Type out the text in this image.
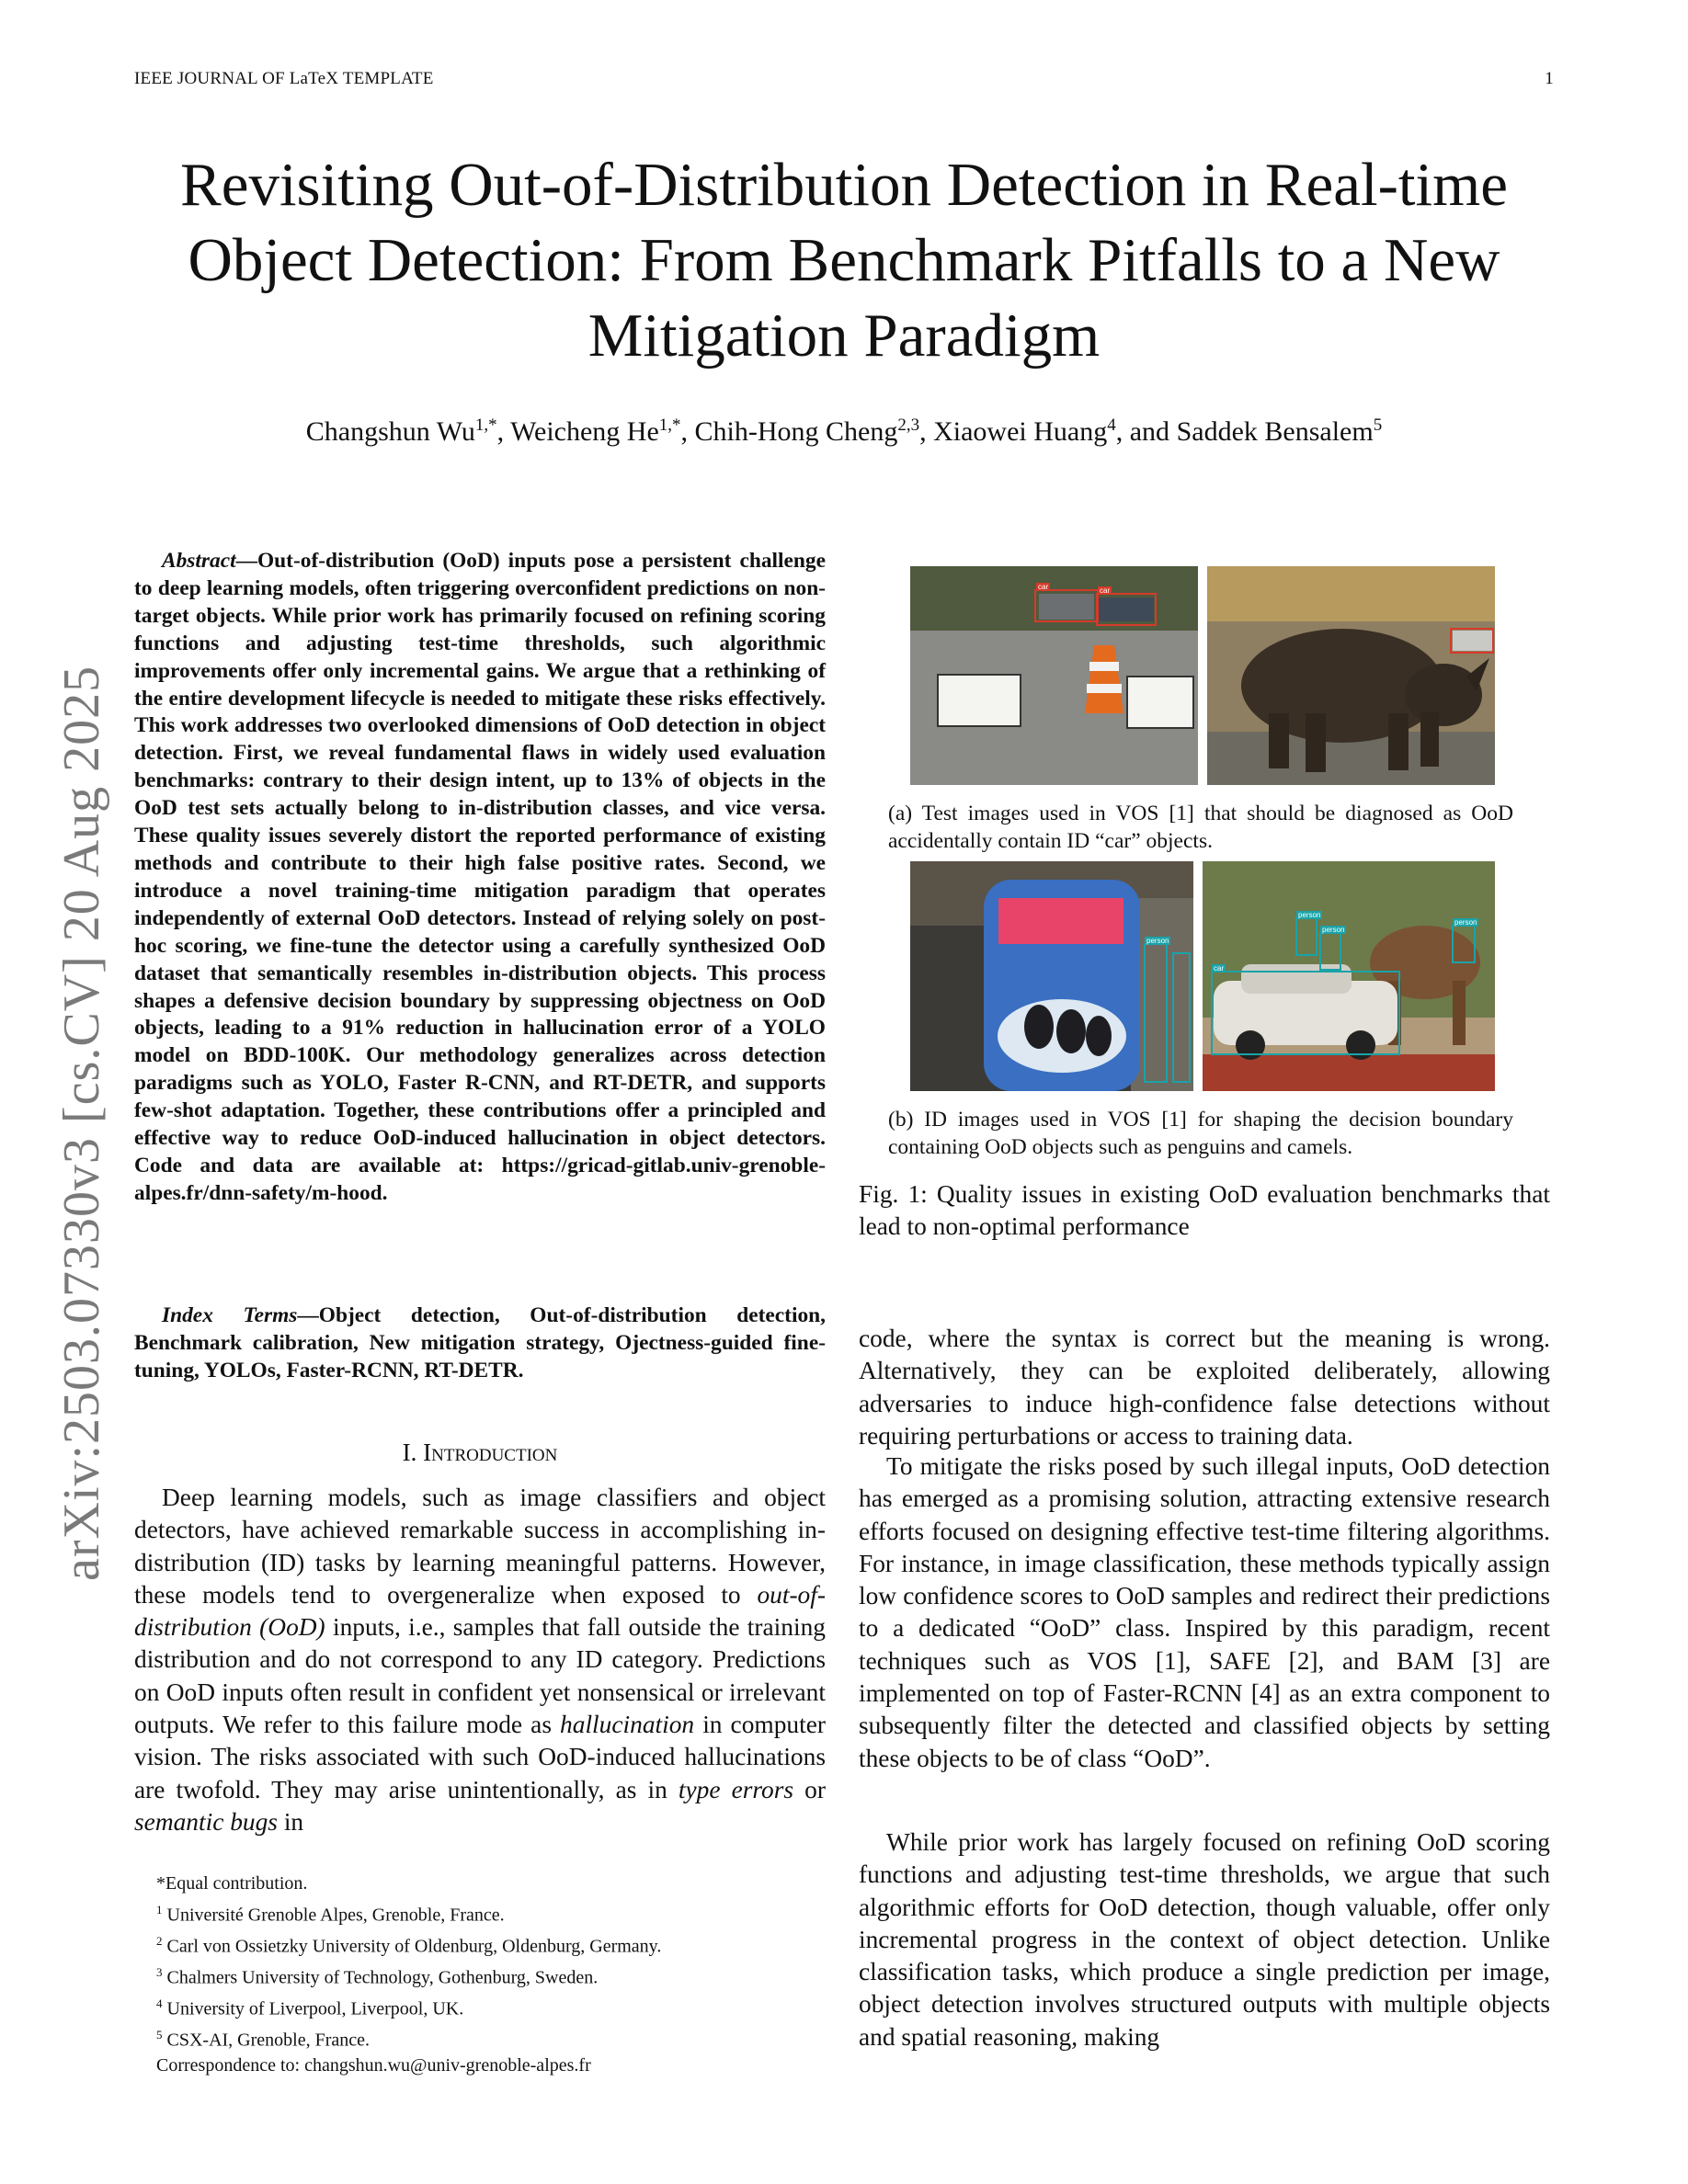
IEEE JOURNAL OF LaTeX TEMPLATE	1
arXiv:2503.07330v3 [cs.CV] 20 Aug 2025
Revisiting Out-of-Distribution Detection in Real-time Object Detection: From Benchmark Pitfalls to a New Mitigation Paradigm
Changshun $Wu^{1,*}$, Weicheng $He^{1,*}$, Chih-Hong Cheng$^{2,3}$, Xiaowei Huang$^4$, and Saddek Bensalem$^5$

Abstract—Out-of-distribution (OoD) inputs pose a persistent challenge to deep learning models, often triggering overconfident predictions on non-target objects. While prior work has primarily focused on refining scoring functions and adjusting test-time thresholds, such algorithmic improvements offer only incremental gains. We argue that a rethinking of the entire development lifecycle is needed to mitigate these risks effectively. This work addresses two overlooked dimensions of OoD detection in object detection. First, we reveal fundamental flaws in widely used evaluation benchmarks: contrary to their design intent, up to 13% of objects in the OoD test sets actually belong to in-distribution classes, and vice versa. These quality issues severely distort the reported performance of existing methods and contribute to their high false positive rates. Second, we introduce a novel training-time mitigation paradigm that operates independently of external OoD detectors. Instead of relying solely on post-hoc scoring, we fine-tune the detector using a carefully synthesized OoD dataset that semantically resembles in-distribution objects. This process shapes a defensive decision boundary by suppressing objectness on OoD objects, leading to a 91% reduction in hallucination error of a YOLO model on BDD-100K. Our methodology generalizes across detection paradigms such as YOLO, Faster R-CNN, and RT-DETR, and supports few-shot adaptation. Together, these contributions offer a principled and effective way to reduce OoD-induced hallucination in object detectors. Code and data are available at: https://gricad-gitlab.univ-grenoble-alpes.fr/dnn-safety/m-hood.

Index Terms—Object detection, Out-of-distribution detection, Benchmark calibration, New mitigation strategy, Ojectness-guided fine-tuning, YOLOs, Faster-RCNN, RT-DETR.

I. Introduction

Deep learning models, such as image classifiers and object detectors, have achieved remarkable success in accomplishing in-distribution (ID) tasks by learning meaningful patterns. However, these models tend to overgeneralize when exposed to out-of-distribution (OoD) inputs, i.e., samples that fall outside the training distribution and do not correspond to any ID category. Predictions on OoD inputs often result in confident yet nonsensical or irrelevant outputs. We refer to this failure mode as hallucination in computer vision. The risks associated with such OoD-induced hallucinations are twofold. They may arise unintentionally, as in type errors or semantic bugs in

*Equal contribution.
$^1$ Université Grenoble Alpes, Grenoble, France.
$^2$ Carl von Ossietzky University of Oldenburg, Oldenburg, Germany.
$^3$ Chalmers University of Technology, Gothenburg, Sweden.
$^4$ University of Liverpool, Liverpool, UK.
$^5$ CSX-AI, Grenoble, France.
Correspondence to: changshun.wu@univ-grenoble-alpes.fr
car	car
(a) Test images used in VOS [1] that should be diagnosed as OoD accidentally contain ID “car” objects.
person
person
person
car
person
(b) ID images used in VOS [1] for shaping the decision boundary containing OoD objects such as penguins and camels.
Fig. 1: Quality issues in existing OoD evaluation benchmarks that lead to non-optimal performance

code, where the syntax is correct but the meaning is wrong. Alternatively, they can be exploited deliberately, allowing adversaries to induce high-confidence false detections without requiring perturbations or access to training data.

To mitigate the risks posed by such illegal inputs, OoD detection has emerged as a promising solution, attracting extensive research efforts focused on designing effective test-time filtering algorithms. For instance, in image classification, these methods typically assign low confidence scores to OoD samples and redirect their predictions to a dedicated “OoD” class. Inspired by this paradigm, recent techniques such as VOS [1], SAFE [2], and BAM [3] are implemented on top of Faster-RCNN [4] as an extra component to subsequently filter the detected and classified objects by setting these objects to be of class “OoD”.

While prior work has largely focused on refining OoD scoring functions and adjusting test-time thresholds, we argue that such algorithmic efforts for OoD detection, though valuable, offer only incremental progress in the context of object detection. Unlike classification tasks, which produce a single prediction per image, object detection involves structured outputs with multiple objects and spatial reasoning, making
